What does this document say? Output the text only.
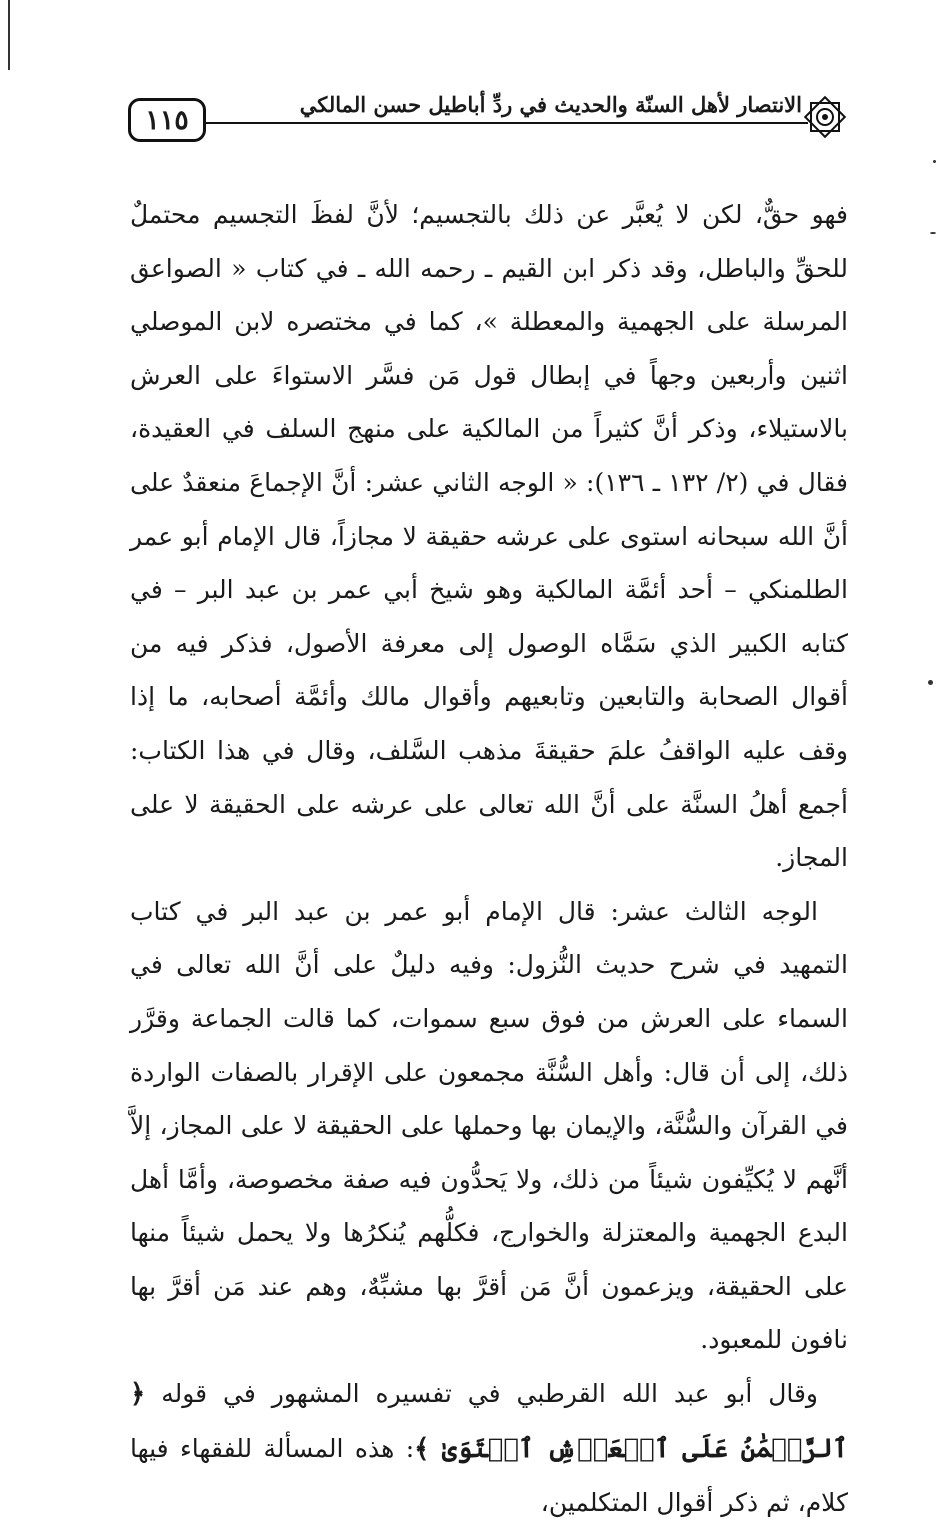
١١٥	الانتصار لأهل السنّة والحديث في ردِّ أباطيل حسن المالكي

فهو حقٌّ، لكن لا يُعبَّر عن ذلك بالتجسيم؛ لأنَّ لفظَ التجسيم محتملٌ للحقِّ والباطل، وقد ذكر ابن القيم ـ رحمه الله ـ في كتاب « الصواعق المرسلة على الجهمية والمعطلة »، كما في مختصره لابن الموصلي اثنين وأربعين وجهاً في إبطال قول مَن فسَّر الاستواءَ على العرش بالاستيلاء، وذكر أنَّ كثيراً من المالكية على منهج السلف في العقيدة، فقال في (٢/ ١٣٢ ـ ١٣٦): « الوجه الثاني عشر: أنَّ الإجماعَ منعقدٌ على أنَّ الله سبحانه استوى على عرشه حقيقة لا مجازاً، قال الإمام أبو عمر الطلمنكي – أحد أئمَّة المالكية وهو شيخ أبي عمر بن عبد البر – في كتابه الكبير الذي سَمَّاه الوصول إلى معرفة الأصول، فذكر فيه من أقوال الصحابة والتابعين وتابعيهم وأقوال مالك وأئمَّة أصحابه، ما إذا وقف عليه الواقفُ علمَ حقيقةَ مذهب السَّلف، وقال في هذا الكتاب: أجمع أهلُ السنَّة على أنَّ الله تعالى على عرشه على الحقيقة لا على المجاز.

الوجه الثالث عشر: قال الإمام أبو عمر بن عبد البر في كتاب التمهيد في شرح حديث النُّزول: وفيه دليلٌ على أنَّ الله تعالى في السماء على العرش من فوق سبع سموات، كما قالت الجماعة وقرَّر ذلك، إلى أن قال: وأهل السُّنَّة مجمعون على الإقرار بالصفات الواردة في القرآن والسُّنَّة، والإيمان بها وحملها على الحقيقة لا على المجاز، إلاَّ أنَّهم لا يُكيِّفون شيئاً من ذلك، ولا يَحدُّون فيه صفة مخصوصة، وأمَّا أهل البدع الجهمية والمعتزلة والخوارج، فكلُّهم يُنكرُها ولا يحمل شيئاً منها على الحقيقة، ويزعمون أنَّ مَن أقرَّ بها مشبِّهٌ، وهم عند مَن أقرَّ بها نافون للمعبود.

وقال أبو عبد الله القرطبي في تفسيره المشهور في قوله ﴿ ٱلرَّحۡمَٰنُ عَلَى ٱلۡعَرۡشِ ٱسۡتَوَىٰ ﴾: هذه المسألة للفقهاء فيها كلام، ثم ذكر أقوال المتكلمين،
